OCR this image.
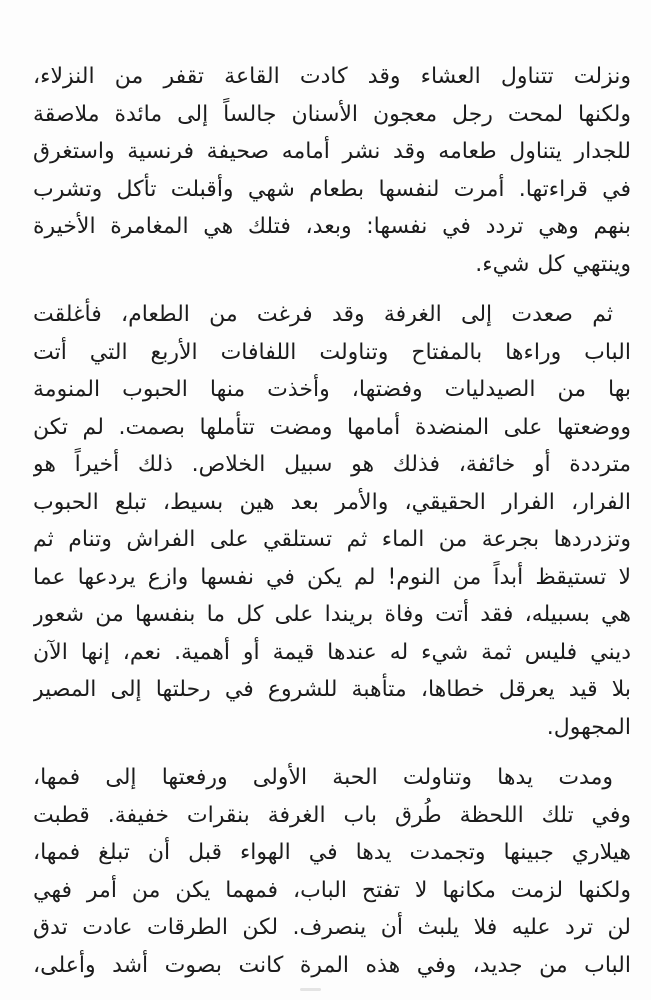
ونزلت تتناول العشاء وقد كادت القاعة تقفر من النزلاء،
ولكنها لمحت رجل معجون الأسنان جالساً إلى مائدة ملاصقة
للجدار يتناول طعامه وقد نشر أمامه صحيفة فرنسية واستغرق
في قراءتها. أمرت لنفسها بطعام شهي وأقبلت تأكل وتشرب
بنهم وهي تردد في نفسها: وبعد، فتلك هي المغامرة الأخيرة
وينتهي كل شيء.
ثم صعدت إلى الغرفة وقد فرغت من الطعام، فأغلقت
الباب وراءها بالمفتاح وتناولت اللفافات الأربع التي أتت
بها من الصيدليات وفضتها، وأخذت منها الحبوب المنومة
ووضعتها على المنضدة أمامها ومضت تتأملها بصمت. لم تكن
مترددة أو خائفة، فذلك هو سبيل الخلاص. ذلك أخيراً هو
الفرار، الفرار الحقيقي، والأمر بعد هين بسيط، تبلع الحبوب
وتزدردها بجرعة من الماء ثم تستلقي على الفراش وتنام ثم
لا تستيقظ أبداً من النوم! لم يكن في نفسها وازع يردعها عما
هي بسبيله، فقد أتت وفاة بريندا على كل ما بنفسها من شعور
ديني فليس ثمة شيء له عندها قيمة أو أهمية. نعم، إنها الآن
بلا قيد يعرقل خطاها، متأهبة للشروع في رحلتها إلى المصير
المجهول.
ومدت يدها وتناولت الحبة الأولى ورفعتها إلى فمها،
وفي تلك اللحظة طُرق باب الغرفة بنقرات خفيفة. قطبت
هيلاري جبينها وتجمدت يدها في الهواء قبل أن تبلغ فمها،
ولكنها لزمت مكانها لا تفتح الباب، فمهما يكن من أمر فهي
لن ترد عليه فلا يلبث أن ينصرف. لكن الطرقات عادت تدق
الباب من جديد، وفي هذه المرة كانت بصوت أشد وأعلى،
